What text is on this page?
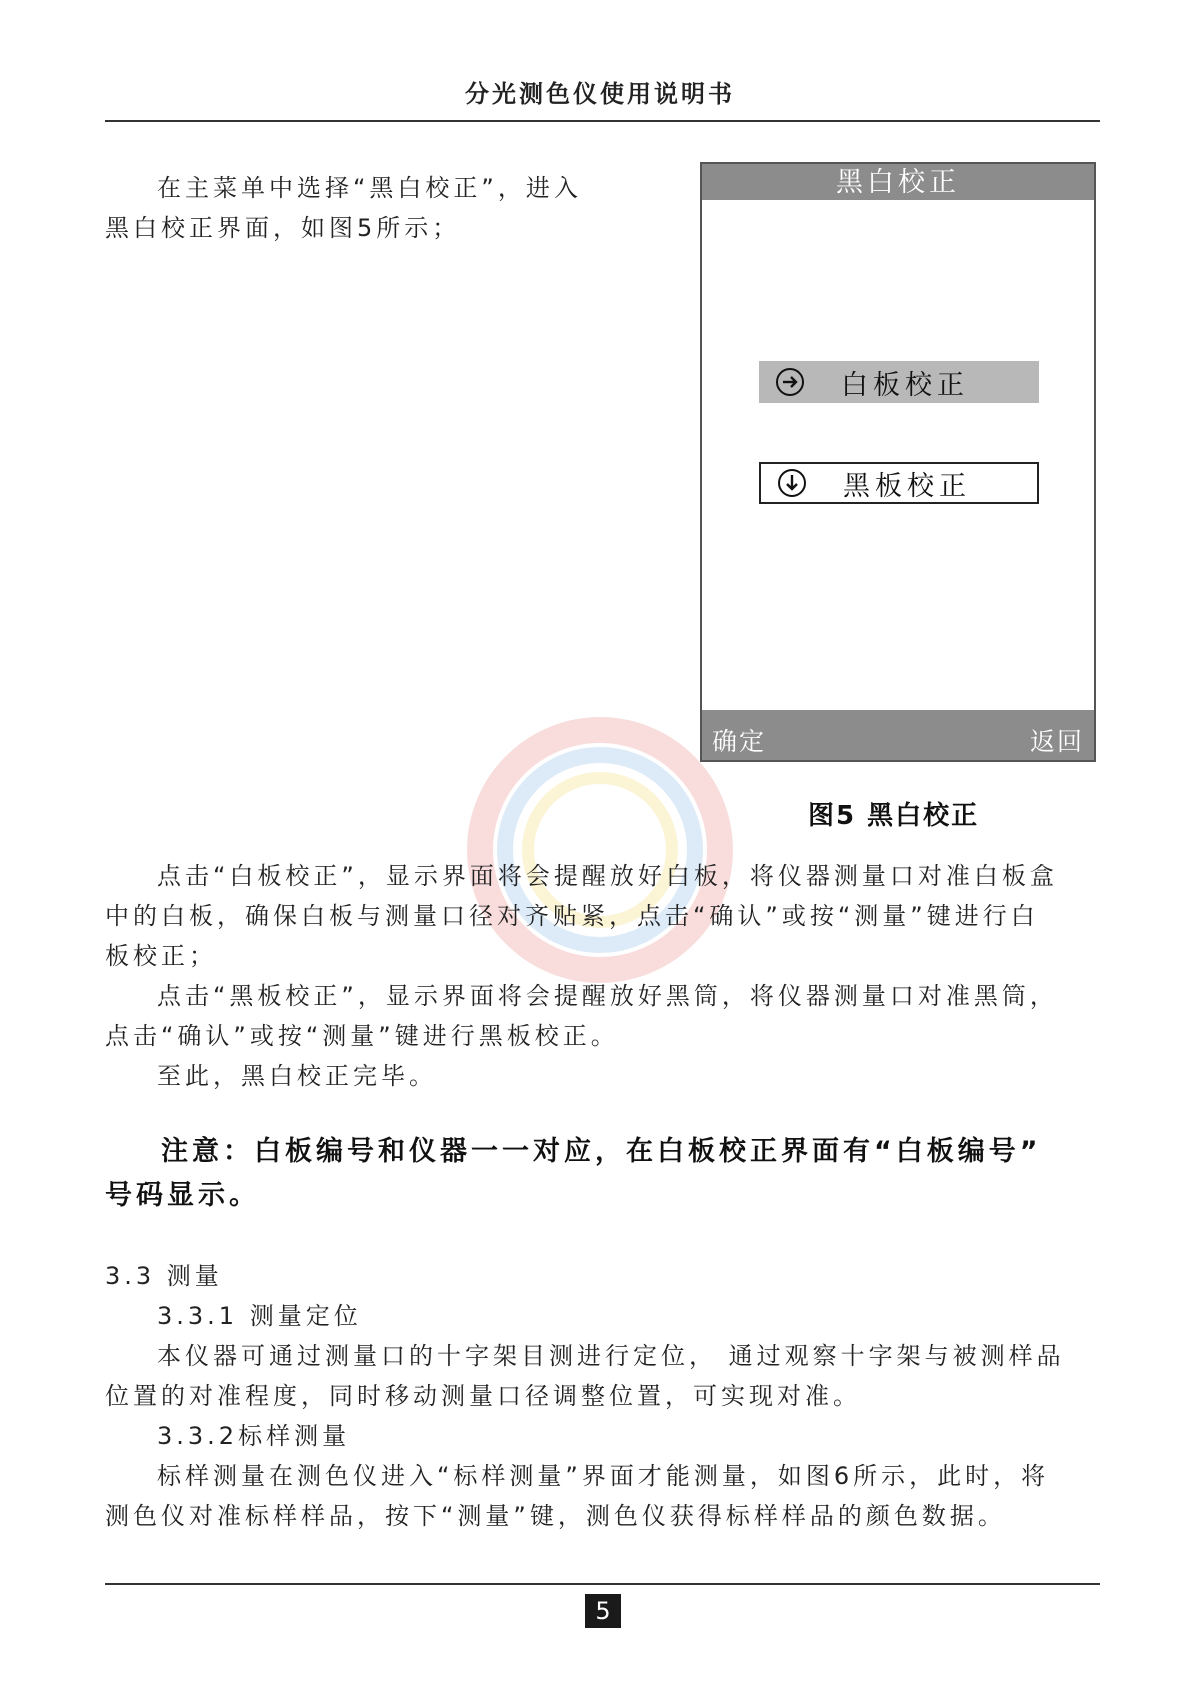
分光测色仪使用说明书
在主菜单中选择“黑白校正”，进入
黑白校正界面，如图5所示；
黑白校正
白板校正
黑板校正
确定	返回
图5 黑白校正
点击“白板校正”，显示界面将会提醒放好白板，将仪器测量口对准白板盒
中的白板，确保白板与测量口径对齐贴紧，点击“确认”或按“测量”键进行白
板校正；
点击“黑板校正”，显示界面将会提醒放好黑筒，将仪器测量口对准黑筒，
点击“确认”或按“测量”键进行黑板校正。
至此，黑白校正完毕。
注意：白板编号和仪器一一对应，在白板校正界面有“白板编号”
号码显示。
3.3 测量
3.3.1 测量定位
本仪器可通过测量口的十字架目测进行定位， 通过观察十字架与被测样品
位置的对准程度，同时移动测量口径调整位置，可实现对准。
3.3.2标样测量
标样测量在测色仪进入“标样测量”界面才能测量，如图6所示，此时，将
测色仪对准标样样品，按下“测量”键，测色仪获得标样样品的颜色数据。
5
